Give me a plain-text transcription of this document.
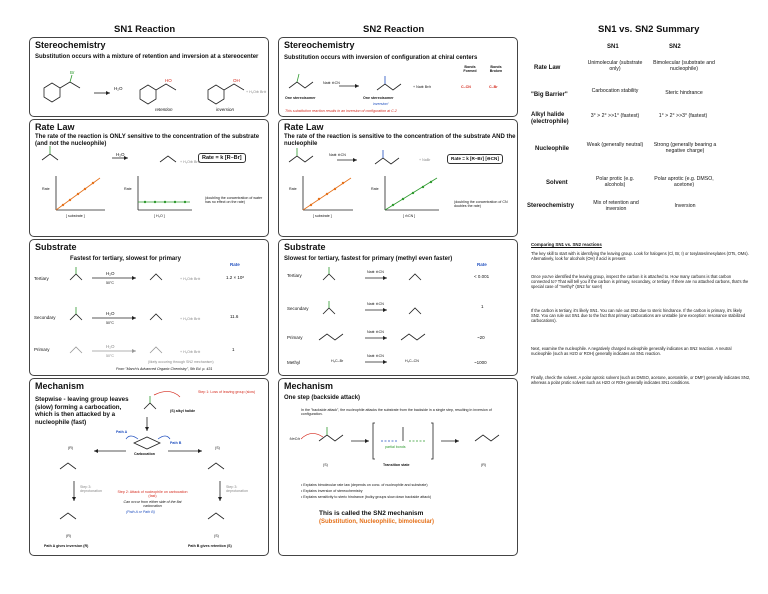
SN1 Reaction	SN2 Reaction	SN1 vs. SN2 Summary
Stereochemistry
Substitution occurs with a mixture of retention and inversion at a stereocenter
Br
H₂O
HO	OH
+ H₃O⊕ Br⊖
retention	inversion
Rate Law
The rate of the reaction is ONLY sensitive to the concentration of the substrate (and not the nucleophile)
H₂O
+ H₃O⊕ Br⊖
Rate = k [R–Br]
Rate	Rate
[ substrate ]	[ H₂O ]
(doubling the concentration of water has no effect on the rate)
Substrate
Fastest for tertiary, slowest for primary
Rate
Tertiary
H₂O
50°C
+ H₃O⊕ Br⊖	1.2 × 10⁶
Secondary
H₂O
50°C
+ H₃O⊕ Br⊖	11.6
Primary
H₂O
50°C
+ H₃O⊕ Br⊖	1
(likely occuring through SN2 mechanism)
From "March's Advanced Organic Chemistry", 5th Ed. p. 431
Mechanism
Stepwise - leaving group leaves (slow) forming a carbocation, which is then attacked by a nucleophile (fast)
Step 1: Loss of leaving group (slow)
(S) alkyl halide
Path A
Path B
Carbocation
(R)	(S)
Step 2: Attack of nucleophile on carbocation (fast)
Can occur from either side of the flat carbocation
(Path A or Path B)
Step 3: deprotonation
Step 3: deprotonation
(R)	(S)
Path A gives inversion (R)	Path B gives retention (S)
Stereochemistry
Substitution occurs with inversion of configuration at chiral centers
Bonds Formed
Bonds Broken
Na⊕ ⊖CN
+ Na⊕ Br⊖	C–CN	C–Br
One stereoisomer	One stereoisomer
inversion!
This substitution reaction results in an inversion of configuration at C-2
Rate Law
The rate of the reaction is sensitive to the concentration of the substrate AND the nucleophile
Na⊕ ⊖CN
+ NaBr	Rate = k [R–Br] [⊖CN]
Rate	Rate
[ substrate ]	[ ⊖CN ]
(doubling the concentration of CN doubles the rate)
Substrate
Slowest for tertiary, fastest for primary (methyl even faster)
Rate
Tertiary	< 0.001
Secondary	1
Primary	~20
Methyl	~1000
Na⊕ ⊖CN
Na⊕ ⊖CN
Na⊕ ⊖CN
Na⊕ ⊖CN
H₃C–Br	H₃C–CN
Mechanism
One step (backside attack)
In the "backside attack", the nucleophile attacks the substrate from the backside in a single step, resulting in inversion of configuration.
:N≡C⊖
(S)	(R)
partial bonds
Transition state
• Explains bimolecular rate law (depends on conc. of nucleophile and substrate)
• Explains inversion of stereochemistry
• Explains sensitivity to steric hindrance (bulky groups slow down backside attack)
This is called the SN2 mechanism
(Substitution, Nucleophilic, bimolecular)
SN1	SN2
Rate Law
Unimolecular (substrate only)
Bimolecular (substrate and nucleophile)
"Big Barrier"
Carbocation stability	Steric hindrance
Alkyl halide (electrophile)
3° > 2° >>1° (fastest)	1° > 2° >>3° (fastest)
Nucleophile
Weak (generally neutral)	Strong (generally bearing a negative charge)
Solvent
Polar protic (e.g. alcohols)
Polar aprotic (e.g. DMSO, acetone)
Stereochemistry	Mix of retention and inversion	Inversion
Comparing SN1 vs. SN2 reactions
The key skill to start with is identifying the leaving group. Look for halogens (Cl, Br, I) or tosylates/mesylates (OTs, OMs). Alternatively, look for alcohols (OH) if acid is present
Once you've identified the leaving group, inspect the carbon it is attached to. How many carbons is that carbon connected to? That will tell you if the carbon is primary, secondary, or tertiary. If there are no attached carbons, that's the special case of "methyl" (SN2 for sure!)
If the carbon is tertiary, it's likely SN1. You can rule out SN2 due to steric hindrance. If the carbon is primary, it's likely SN2. You can rule out SN1 due to the fact that primary carbocations are unstable (one exception: resonance stabilized carbocations).
Next, examine the nucleophile. A negatively charged nucleophile generally indicates an SN2 reaction. A neutral nucleophile (such as H2O or ROH) generally indicates an SN1 reaction.
Finally, check the solvent. A polar aprotic solvent (such as DMSO, acetone, acetonitrile, or DMF) generally indicates SN2, whereas a polar protic solvent such as H2O or ROH generally indicates SN1 conditions.
